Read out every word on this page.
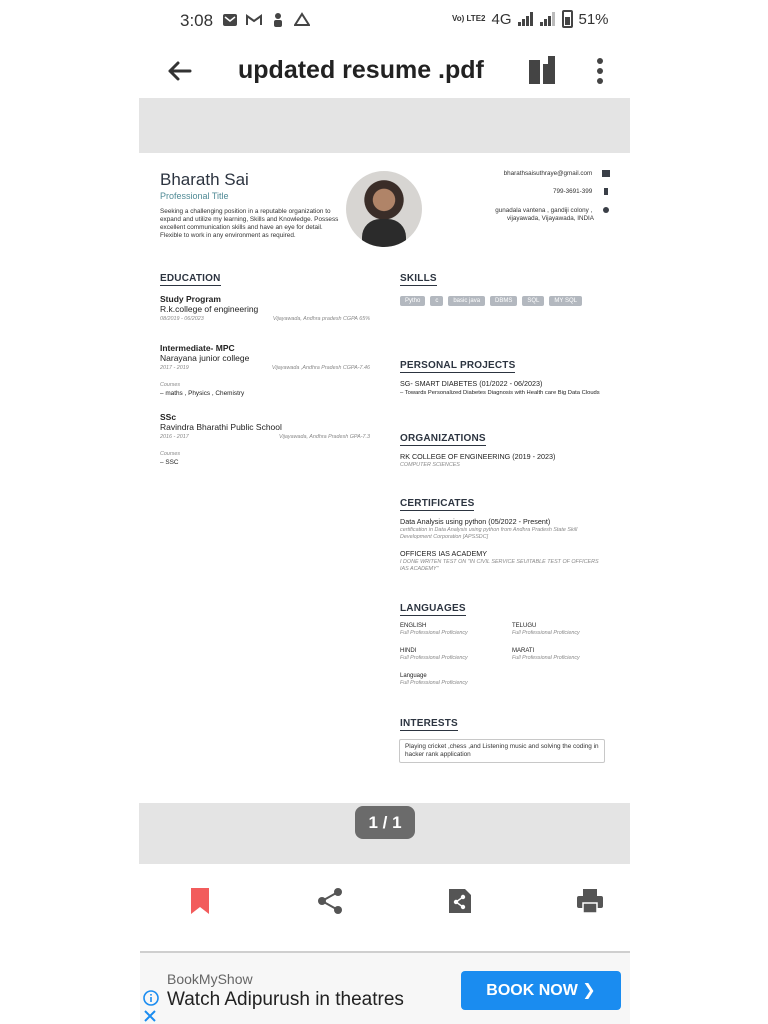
3:08	Vo) LTE2 4G	51%
updated resume .pdf
Bharath Sai
Professional Title

Seeking a challenging position in a reputable organization to expand and utilize my learning, Skills and Knowledge. Possess excellent communication skills and have an eye for detail. Flexible to work in any environment as required.

bharathsaisuthraye@gmail.com
799-3691-399
gunadala vantena , gandiji colony ,
vijayawada, Vijayawada, INDIA
EDUCATION
Study Program
R.k.college of engineering
08/2019 - 06/2023	Vijayawada, Andhra pradesh CGPA 65%
Intermediate- MPC
Narayana junior college
2017 - 2019	Vijayawada ,Andhra Pradesh CGPA-7.46
Courses
– maths , Physics , Chemistry
SSc
Ravindra Bharathi Public School
2016 - 2017	Vijayawada, Andhra Pradesh GPA-7.3
Courses
– SSC
SKILLS
Pytho	c	basic java	DBMS	SQL	MY SQL
PERSONAL PROJECTS
SG- SMART DIABETES (01/2022 - 06/2023)
– Towards Personalized Diabetes Diagnosis with Health care Big Data Clouds
ORGANIZATIONS
RK COLLEGE OF ENGINEERING (2019 - 2023)
COMPUTER SCIENCES
CERTIFICATES
Data Analysis using python (05/2022 - Present)
certification in Data Analysis using python from Andhra Pradesh State Skill Development Corporation [APSSDC]
OFFICERS IAS ACADEMY
I DONE WRITEN TEST ON "IN CIVIL SERVICE SEUITABLE TEST OF OFFICERS IAS ACADEMY"
LANGUAGES
ENGLISH
Full Professional Proficiency
TELUGU
Full Professional Proficiency
HINDI
Full Professional Proficiency
MARATI
Full Professional Proficiency
Language
Full Professional Proficiency
INTERESTS
Playing cricket ,chess ,and Listening music and solving the coding in hacker rank application
1 / 1
BookMyShow
Watch Adipurush in theatres	BOOK NOW ❯
